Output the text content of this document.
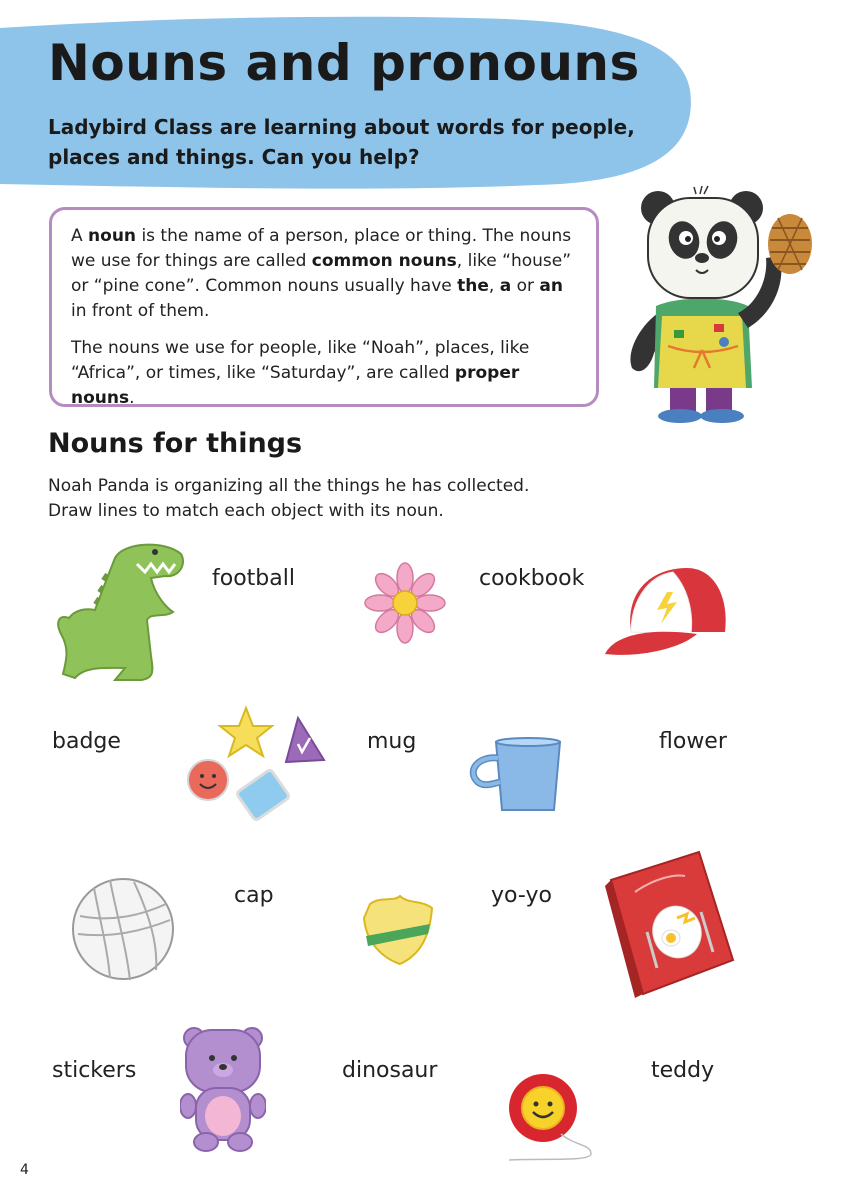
Nouns and pronouns

Ladybird Class are learning about words for people, places and things. Can you help?

A noun is the name of a person, place or thing. The nouns we use for things are called common nouns, like “house” or “pine cone”. Common nouns usually have the, a or an in front of them.

The nouns we use for people, like “Noah”, places, like “Africa”, or times, like “Saturday”, are called proper nouns.

Nouns for things

Noah Panda is organizing all the things he has collected. Draw lines to match each object with its noun.

football	cookbook
badge	mug	flower
cap	yo-yo
stickers	dinosaur	teddy
4
